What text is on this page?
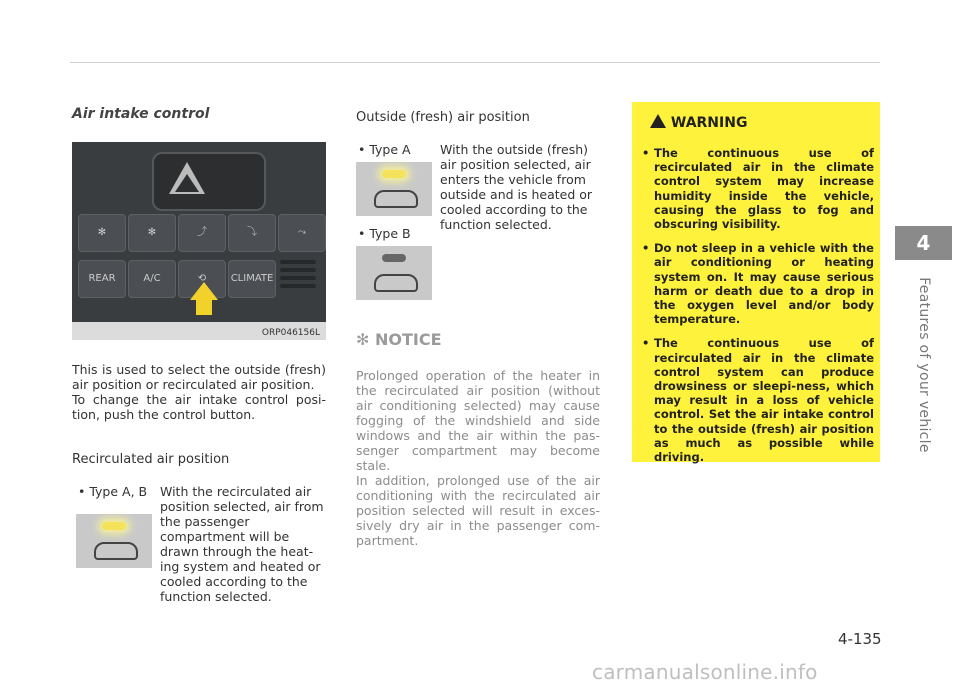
4
Features of your vehicle
Air intake control
✻	✻	⤴	⤵	⤳
REAR	A/C	⟲	CLIMATE
ORP046156L

This is used to select the outside (fresh) air position or recirculated air position.

To change the air intake control posi-tion, push the control button.

Recirculated air position
• Type A, B With the recirculated air position selected, air from the passenger compartment will be drawn through the heat-ing system and heated or cooled according to the function selected.
Outside (fresh) air position
• Type A With the outside (fresh) air position selected, air enters the vehicle from outside and is heated or cooled according to the function selected.
• Type B
✻ NOTICE

Prolonged operation of the heater in the recirculated air position (without air conditioning selected) may cause fogging of the windshield and side windows and the air within the pas-senger compartment may become stale.

In addition, prolonged use of the air conditioning with the recirculated air position selected will result in exces-sively dry air in the passenger com-partment.

WARNING
• The continuous use of recirculated air in the climate control system may increase humidity inside the vehicle, causing the glass to fog and obscuring visibility.
• Do not sleep in a vehicle with the air conditioning or heating system on. It may cause serious harm or death due to a drop in the oxygen level and/or body temperature.
• The continuous use of recirculated air in the climate control system can produce drowsiness or sleepi-ness, which may result in a loss of vehicle control. Set the air intake control to the outside (fresh) air position as much as possible while driving.
4-135
carmanualsonline.info
